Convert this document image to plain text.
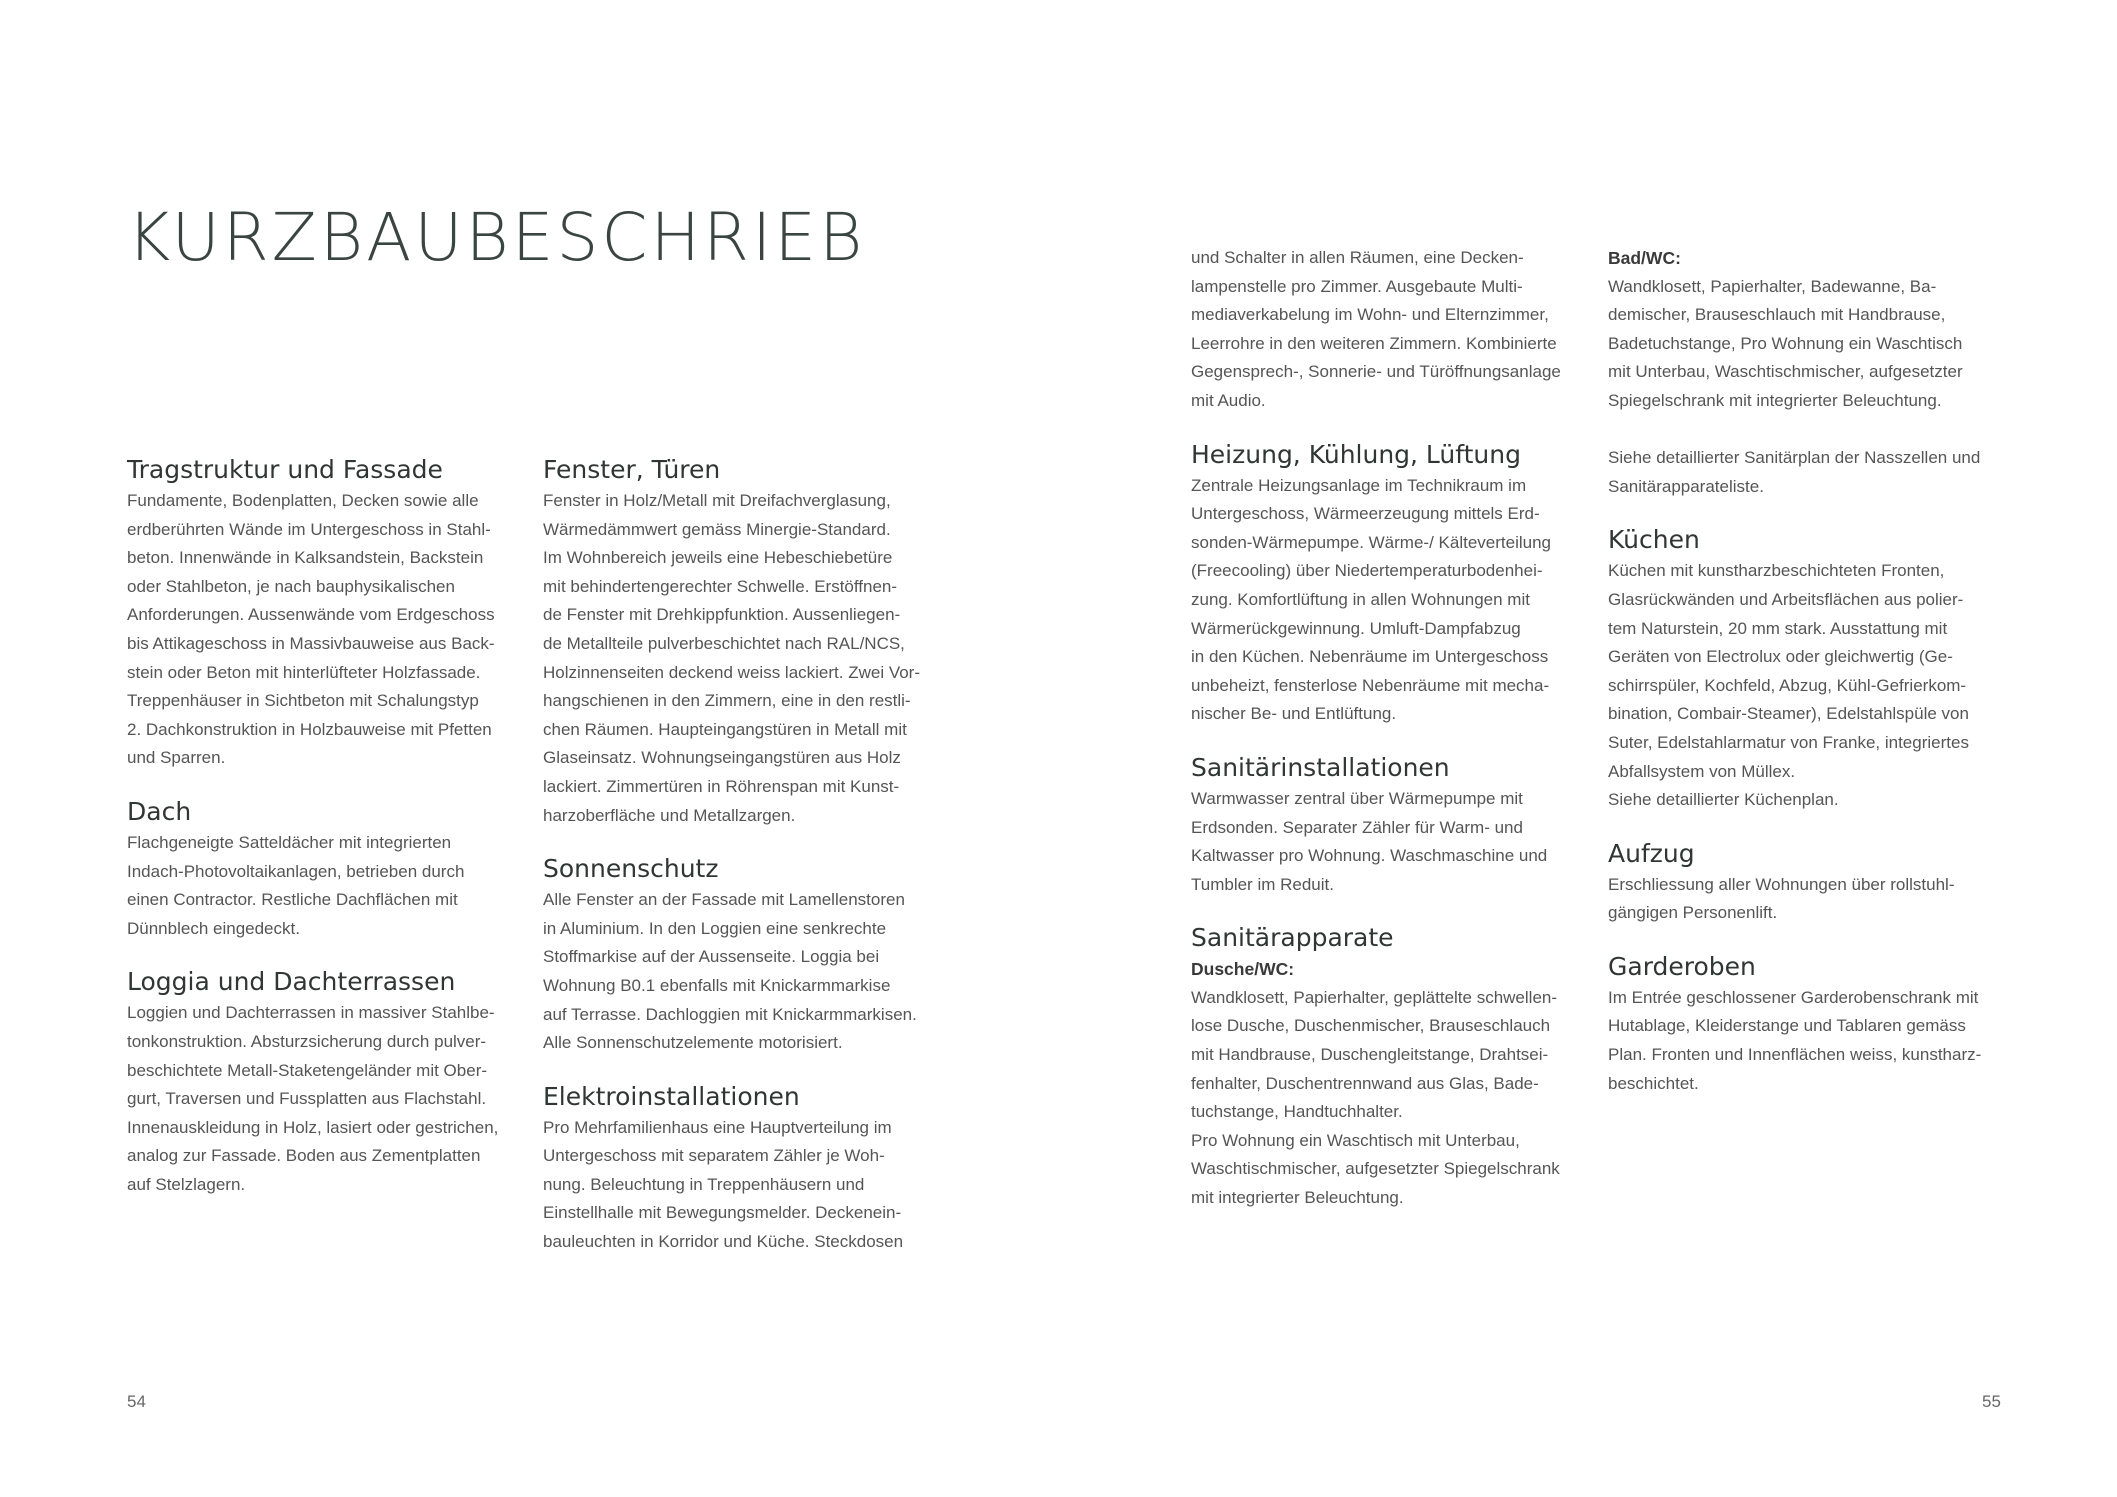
KURZBAUBESCHRIEB
Tragstruktur und Fassade

Fundamente, Bodenplatten, Decken sowie alle
erdberührten Wände im Untergeschoss in Stahl-
beton. Innenwände in Kalksandstein, Backstein
oder Stahlbeton, je nach bauphysikalischen
Anforderungen. Aussenwände vom Erdgeschoss
bis Attikageschoss in Massivbauweise aus Back-
stein oder Beton mit hinterlüfteter Holzfassade.
Treppenhäuser in Sichtbeton mit Schalungstyp
2. Dachkonstruktion in Holzbauweise mit Pfetten
und Sparren.

Dach

Flachgeneigte Satteldächer mit integrierten
Indach-Photovoltaikanlagen, betrieben durch
einen Contractor. Restliche Dachflächen mit
Dünnblech eingedeckt.

Loggia und Dachterrassen

Loggien und Dachterrassen in massiver Stahlbe-
tonkonstruktion. Absturzsicherung durch pulver-
beschichtete Metall-Staketengeländer mit Ober-
gurt, Traversen und Fussplatten aus Flachstahl.
Innenauskleidung in Holz, lasiert oder gestrichen,
analog zur Fassade. Boden aus Zementplatten
auf Stelzlagern.

Fenster, Türen

Fenster in Holz/Metall mit Dreifachverglasung,
Wärmedämmwert gemäss Minergie-Standard.
Im Wohnbereich jeweils eine Hebeschiebetüre
mit behindertengerechter Schwelle. Erstöffnen-
de Fenster mit Drehkippfunktion. Aussenliegen-
de Metallteile pulverbeschichtet nach RAL/NCS,
Holzinnenseiten deckend weiss lackiert. Zwei Vor-
hangschienen in den Zimmern, eine in den restli-
chen Räumen. Haupteingangstüren in Metall mit
Glaseinsatz. Wohnungseingangstüren aus Holz
lackiert. Zimmertüren in Röhrenspan mit Kunst-
harzoberfläche und Metallzargen.

Sonnenschutz

Alle Fenster an der Fassade mit Lamellenstoren
in Aluminium. In den Loggien eine senkrechte
Stoffmarkise auf der Aussenseite. Loggia bei
Wohnung B0.1 ebenfalls mit Knickarmmarkise
auf Terrasse. Dachloggien mit Knickarmmarkisen.
Alle Sonnenschutzelemente motorisiert.

Elektroinstallationen

Pro Mehrfamilienhaus eine Hauptverteilung im
Untergeschoss mit separatem Zähler je Woh-
nung. Beleuchtung in Treppenhäusern und
Einstellhalle mit Bewegungsmelder. Deckenein-
bauleuchten in Korridor und Küche. Steckdosen

und Schalter in allen Räumen, eine Decken-
lampenstelle pro Zimmer. Ausgebaute Multi-
mediaverkabelung im Wohn- und Elternzimmer,
Leerrohre in den weiteren Zimmern. Kombinierte
Gegensprech-, Sonnerie- und Türöffnungsanlage
mit Audio.

Heizung, Kühlung, Lüftung

Zentrale Heizungsanlage im Technikraum im
Untergeschoss, Wärmeerzeugung mittels Erd-
sonden-Wärmepumpe. Wärme-/ Kälteverteilung
(Freecooling) über Niedertemperaturbodenhei-
zung. Komfortlüftung in allen Wohnungen mit
Wärmerückgewinnung. Umluft-Dampfabzug
in den Küchen. Nebenräume im Untergeschoss
unbeheizt, fensterlose Nebenräume mit mecha-
nischer Be- und Entlüftung.

Sanitärinstallationen

Warmwasser zentral über Wärmepumpe mit
Erdsonden. Separater Zähler für Warm- und
Kaltwasser pro Wohnung. Waschmaschine und
Tumbler im Reduit.

Sanitärapparate

Dusche/WC:

Wandklosett, Papierhalter, geplättelte schwellen-
lose Dusche, Duschenmischer, Brauseschlauch
mit Handbrause, Duschengleitstange, Drahtsei-
fenhalter, Duschentrennwand aus Glas, Bade-
tuchstange, Handtuchhalter.
Pro Wohnung ein Waschtisch mit Unterbau,
Waschtischmischer, aufgesetzter Spiegelschrank
mit integrierter Beleuchtung.

Bad/WC:

Wandklosett, Papierhalter, Badewanne, Ba-
demischer, Brauseschlauch mit Handbrause,
Badetuchstange, Pro Wohnung ein Waschtisch
mit Unterbau, Waschtischmischer, aufgesetzter
Spiegelschrank mit integrierter Beleuchtung.

Siehe detaillierter Sanitärplan der Nasszellen und
Sanitärapparateliste.

Küchen

Küchen mit kunstharzbeschichteten Fronten,
Glasrückwänden und Arbeitsflächen aus polier-
tem Naturstein, 20 mm stark. Ausstattung mit
Geräten von Electrolux oder gleichwertig (Ge-
schirrspüler, Kochfeld, Abzug, Kühl-Gefrierkom-
bination, Combair-Steamer), Edelstahlspüle von
Suter, Edelstahlarmatur von Franke, integriertes
Abfallsystem von Müllex.
Siehe detaillierter Küchenplan.

Aufzug

Erschliessung aller Wohnungen über rollstuhl-
gängigen Personenlift.

Garderoben

Im Entrée geschlossener Garderobenschrank mit
Hutablage, Kleiderstange und Tablaren gemäss
Plan. Fronten und Innenflächen weiss, kunstharz-
beschichtet.

54	55
